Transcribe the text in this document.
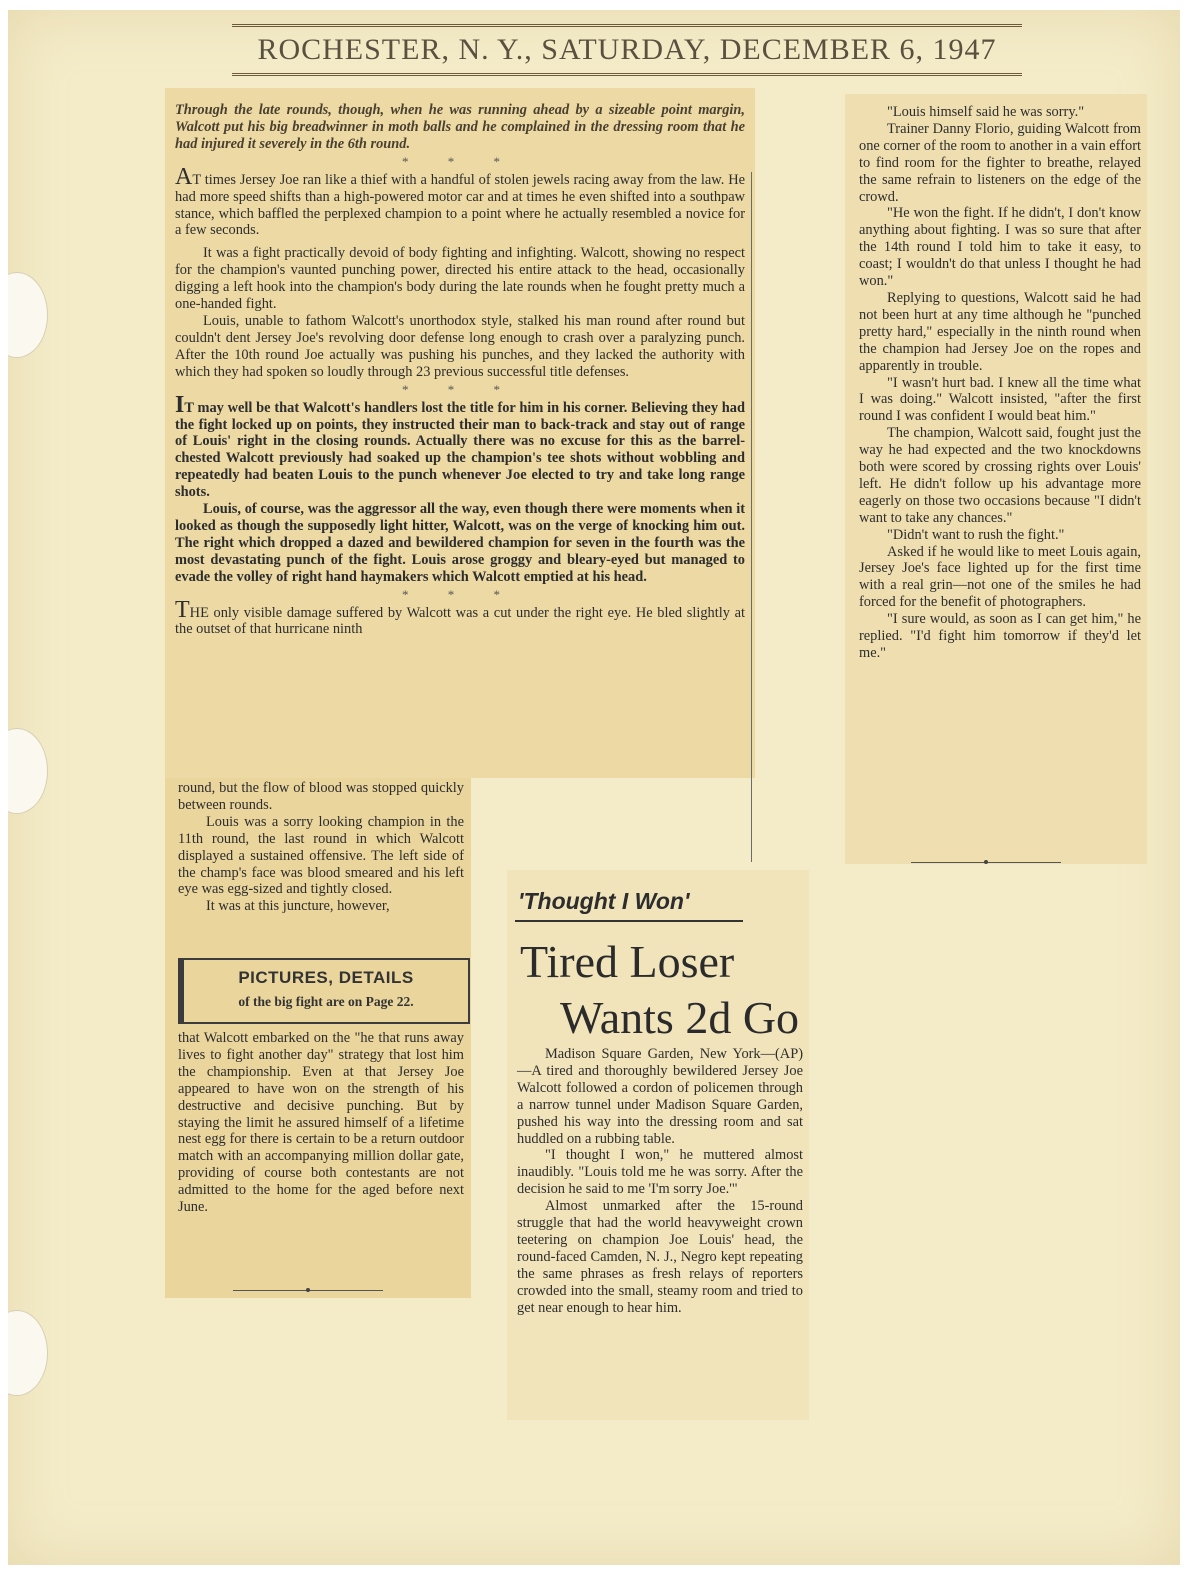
ROCHESTER, N. Y., SATURDAY, DECEMBER 6, 1947

Through the late rounds, though, when he was running ahead by a sizeable point margin, Walcott put his big breadwinner in moth balls and he complained in the dressing room that he had injured it severely in the 6th round.

* * *

AT times Jersey Joe ran like a thief with a handful of stolen jewels racing away from the law. He had more speed shifts than a high-powered motor car and at times he even shifted into a southpaw stance, which baffled the perplexed champion to a point where he actually resembled a novice for a few seconds.

It was a fight practically devoid of body fighting and infighting. Walcott, showing no respect for the champion's vaunted punching power, directed his entire attack to the head, occasionally digging a left hook into the champion's body during the late rounds when he fought pretty much a one-handed fight.

Louis, unable to fathom Walcott's unorthodox style, stalked his man round after round but couldn't dent Jersey Joe's revolving door defense long enough to crash over a paralyzing punch. After the 10th round Joe actually was pushing his punches, and they lacked the authority with which they had spoken so loudly through 23 previous successful title defenses.

* * *

IT may well be that Walcott's handlers lost the title for him in his corner. Believing they had the fight locked up on points, they instructed their man to back-track and stay out of range of Louis' right in the closing rounds. Actually there was no excuse for this as the barrel-chested Walcott previously had soaked up the champion's tee shots without wobbling and repeatedly had beaten Louis to the punch whenever Joe elected to try and take long range shots.

Louis, of course, was the aggressor all the way, even though there were moments when it looked as though the supposedly light hitter, Walcott, was on the verge of knocking him out. The right which dropped a dazed and bewildered champion for seven in the fourth was the most devastating punch of the fight. Louis arose groggy and bleary-eyed but managed to evade the volley of right hand haymakers which Walcott emptied at his head.

* * *

THE only visible damage suffered by Walcott was a cut under the right eye. He bled slightly at the outset of that hurricane ninth

round, but the flow of blood was stopped quickly between rounds.

Louis was a sorry looking champion in the 11th round, the last round in which Walcott displayed a sustained offensive. The left side of the champ's face was blood smeared and his left eye was egg-sized and tightly closed.

It was at this juncture, however,

that Walcott embarked on the "he that runs away lives to fight another day" strategy that lost him the championship. Even at that Jersey Joe appeared to have won on the strength of his destructive and decisive punching. But by staying the limit he assured himself of a lifetime nest egg for there is certain to be a return outdoor match with an accompanying million dollar gate, providing of course both contestants are not admitted to the home for the aged before next June.

PICTURES, DETAILS
of the big fight are on Page 22.

"Louis himself said he was sorry."

Trainer Danny Florio, guiding Walcott from one corner of the room to another in a vain effort to find room for the fighter to breathe, relayed the same refrain to listeners on the edge of the crowd.

"He won the fight. If he didn't, I don't know anything about fighting. I was so sure that after the 14th round I told him to take it easy, to coast; I wouldn't do that unless I thought he had won."

Replying to questions, Walcott said he had not been hurt at any time although he "punched pretty hard," especially in the ninth round when the champion had Jersey Joe on the ropes and apparently in trouble.

"I wasn't hurt bad. I knew all the time what I was doing." Walcott insisted, "after the first round I was confident I would beat him."

The champion, Walcott said, fought just the way he had expected and the two knockdowns both were scored by crossing rights over Louis' left. He didn't follow up his advantage more eagerly on those two occasions because "I didn't want to take any chances."

"Didn't want to rush the fight."

Asked if he would like to meet Louis again, Jersey Joe's face lighted up for the first time with a real grin—not one of the smiles he had forced for the benefit of photographers.

"I sure would, as soon as I can get him," he replied. "I'd fight him tomorrow if they'd let me."

Madison Square Garden, New York—(AP)—A tired and thoroughly bewildered Jersey Joe Walcott followed a cordon of policemen through a narrow tunnel under Madison Square Garden, pushed his way into the dressing room and sat huddled on a rubbing table.

"I thought I won," he muttered almost inaudibly. "Louis told me he was sorry. After the decision he said to me 'I'm sorry Joe.'"

Almost unmarked after the 15-round struggle that had the world heavyweight crown teetering on champion Joe Louis' head, the round-faced Camden, N. J., Negro kept repeating the same phrases as fresh relays of reporters crowded into the small, steamy room and tried to get near enough to hear him.

'Thought I Won'
Tired Loser
Wants 2d Go
